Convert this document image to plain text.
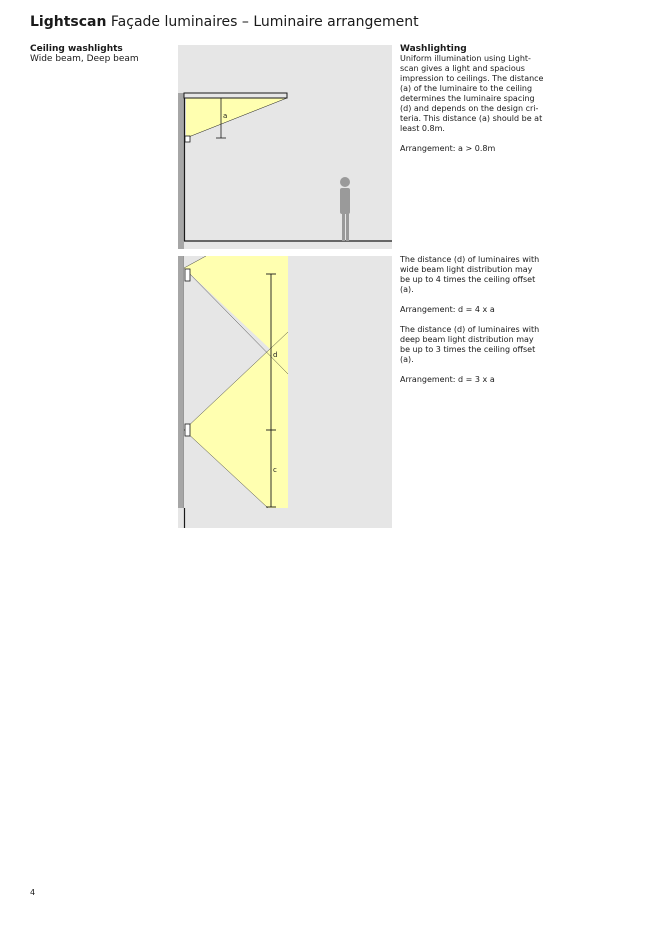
Lightscan Façade luminaires – Luminaire arrangement
Ceiling washlights
Wide beam, Deep beam
a
d
c
Washlighting

Uniform illumination using Light-
scan gives a light and spacious
impression to ceilings. The distance
(a) of the luminaire to the ceiling
determines the luminaire spacing
(d) and depends on the design cri-
teria. This distance (a) should be at
least 0.8m.

Arrangement: a > 0.8m

The distance (d) of luminaires with
wide beam light distribution may
be up to 4 times the ceiling offset
(a).

Arrangement: d = 4 x a

The distance (d) of luminaires with
deep beam light distribution may
be up to 3 times the ceiling offset
(a).

Arrangement: d = 3 x a

4
